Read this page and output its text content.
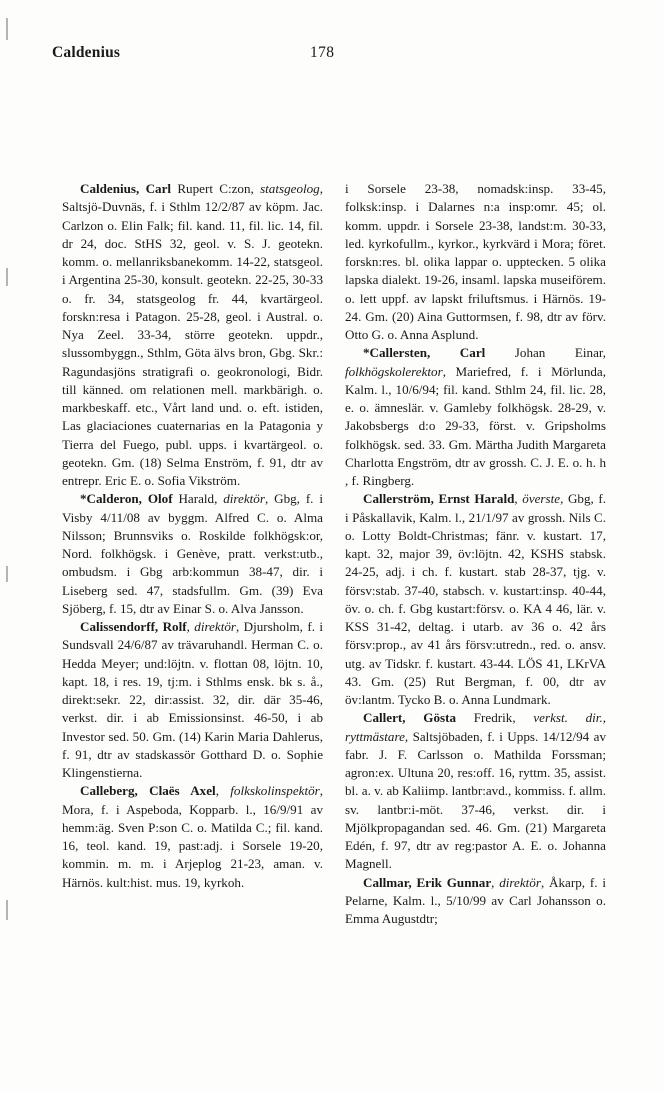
Caldenius	178

Caldenius, Carl Rupert C:zon, statsgeolog, Saltsjö-Duvnäs, f. i Sthlm 12/2/87 av köpm. Jac. Carlzon o. Elin Falk; fil. kand. 11, fil. lic. 14, fil. dr 24, doc. StHS 32, geol. v. S. J. geotekn. komm. o. mellanriksbanekomm. 14-22, statsgeol. i Argentina 25-30, konsult. geotekn. 22-25, 30-33 o. fr. 34, statsgeolog fr. 44, kvartärgeol. forskn:resa i Patagon. 25-28, geol. i Austral. o. Nya Zeel. 33-34, större geotekn. uppdr., slussombyggn., Sthlm, Göta älvs bron, Gbg. Skr.: Ragundasjöns stratigrafi o. geokronologi, Bidr. till känned. om relationen mell. markbärigh. o. markbeskaff. etc., Vårt land und. o. eft. istiden, Las glaciaciones cuaternarias en la Patagonia y Tierra del Fuego, publ. upps. i kvartärgeol. o. geotekn. Gm. (18) Selma Enström, f. 91, dtr av entrepr. Eric E. o. Sofia Vikström.

*Calderon, Olof Harald, direktör, Gbg, f. i Visby 4/11/08 av byggm. Alfred C. o. Alma Nilsson; Brunnsviks o. Roskilde folkhögsk:or, Nord. folkhögsk. i Genève, pratt. verkst:utb., ombudsm. i Gbg arb:kommun 38-47, dir. i Liseberg sed. 47, stadsfullm. Gm. (39) Eva Sjöberg, f. 15, dtr av Einar S. o. Alva Jansson.

Calissendorff, Rolf, direktör, Djursholm, f. i Sundsvall 24/6/87 av trävaruhandl. Herman C. o. Hedda Meyer; und:löjtn. v. flottan 08, löjtn. 10, kapt. 18, i res. 19, tj:m. i Sthlms ensk. bk s. å., direkt:sekr. 22, dir:assist. 32, dir. där 35-46, verkst. dir. i ab Emissionsinst. 46-50, i ab Investor sed. 50. Gm. (14) Karin Maria Dahlerus, f. 91, dtr av stadskassör Gotthard D. o. Sophie Klingenstierna.

Calleberg, Claës Axel, folkskolinspektör, Mora, f. i Aspeboda, Kopparb. l., 16/9/91 av hemm:äg. Sven P:son C. o. Matilda C.; fil. kand. 16, teol. kand. 19, past:adj. i Sorsele 19-20, kommin. m. m. i Arjeplog 21-23, aman. v. Härnös. kult:hist. mus. 19, kyrkoh.

i Sorsele 23-38, nomadsk:insp. 33-45, folksk:insp. i Dalarnes n:a insp:omr. 45; ol. komm. uppdr. i Sorsele 23-38, landst:m. 30-33, led. kyrkofullm., kyrkor., kyrkvärd i Mora; föret. forskn:res. bl. olika lappar o. upptecken. 5 olika lapska dialekt. 19-26, insaml. lapska museiförem. o. lett uppf. av lapskt friluftsmus. i Härnös. 19-24. Gm. (20) Aina Guttormsen, f. 98, dtr av förv. Otto G. o. Anna Asplund.

*Callersten, Carl Johan Einar, folkhögskolerektor, Mariefred, f. i Mörlunda, Kalm. l., 10/6/94; fil. kand. Sthlm 24, fil. lic. 28, e. o. ämneslär. v. Gamleby folkhögsk. 28-29, v. Jakobsbergs d:o 29-33, först. v. Gripsholms folkhögsk. sed. 33. Gm. Märtha Judith Margareta Charlotta Engström, dtr av grossh. C. J. E. o. h. h , f. Ringberg.

Callerström, Ernst Harald, överste, Gbg, f. i Påskallavik, Kalm. l., 21/1/97 av grossh. Nils C. o. Lotty Boldt-Christmas; fänr. v. kustart. 17, kapt. 32, major 39, öv:löjtn. 42, KSHS stabsk. 24-25, adj. i ch. f. kustart. stab 28-37, tjg. v. försv:stab. 37-40, stabsch. v. kustart:insp. 40-44, öv. o. ch. f. Gbg kustart:försv. o. KA 4 46, lär. v. KSS 31-42, deltag. i utarb. av 36 o. 42 års försv:prop., av 41 års försv:utredn., red. o. ansv. utg. av Tidskr. f. kustart. 43-44. LÖS 41, LKrVA 43. Gm. (25) Rut Bergman, f. 00, dtr av öv:lantm. Tycko B. o. Anna Lundmark.

Callert, Gösta Fredrik, verkst. dir., ryttmästare, Saltsjöbaden, f. i Upps. 14/12/94 av fabr. J. F. Carlsson o. Mathilda Forssman; agron:ex. Ultuna 20, res:off. 16, ryttm. 35, assist. bl. a. v. ab Kaliimp. lantbr:avd., kommiss. f. allm. sv. lantbr:i-möt. 37-46, verkst. dir. i Mjölkpropagandan sed. 46. Gm. (21) Margareta Edén, f. 97, dtr av reg:pastor A. E. o. Johanna Magnell.

Callmar, Erik Gunnar, direktör, Åkarp, f. i Pelarne, Kalm. l., 5/10/99 av Carl Johansson o. Emma Augustdtr;
